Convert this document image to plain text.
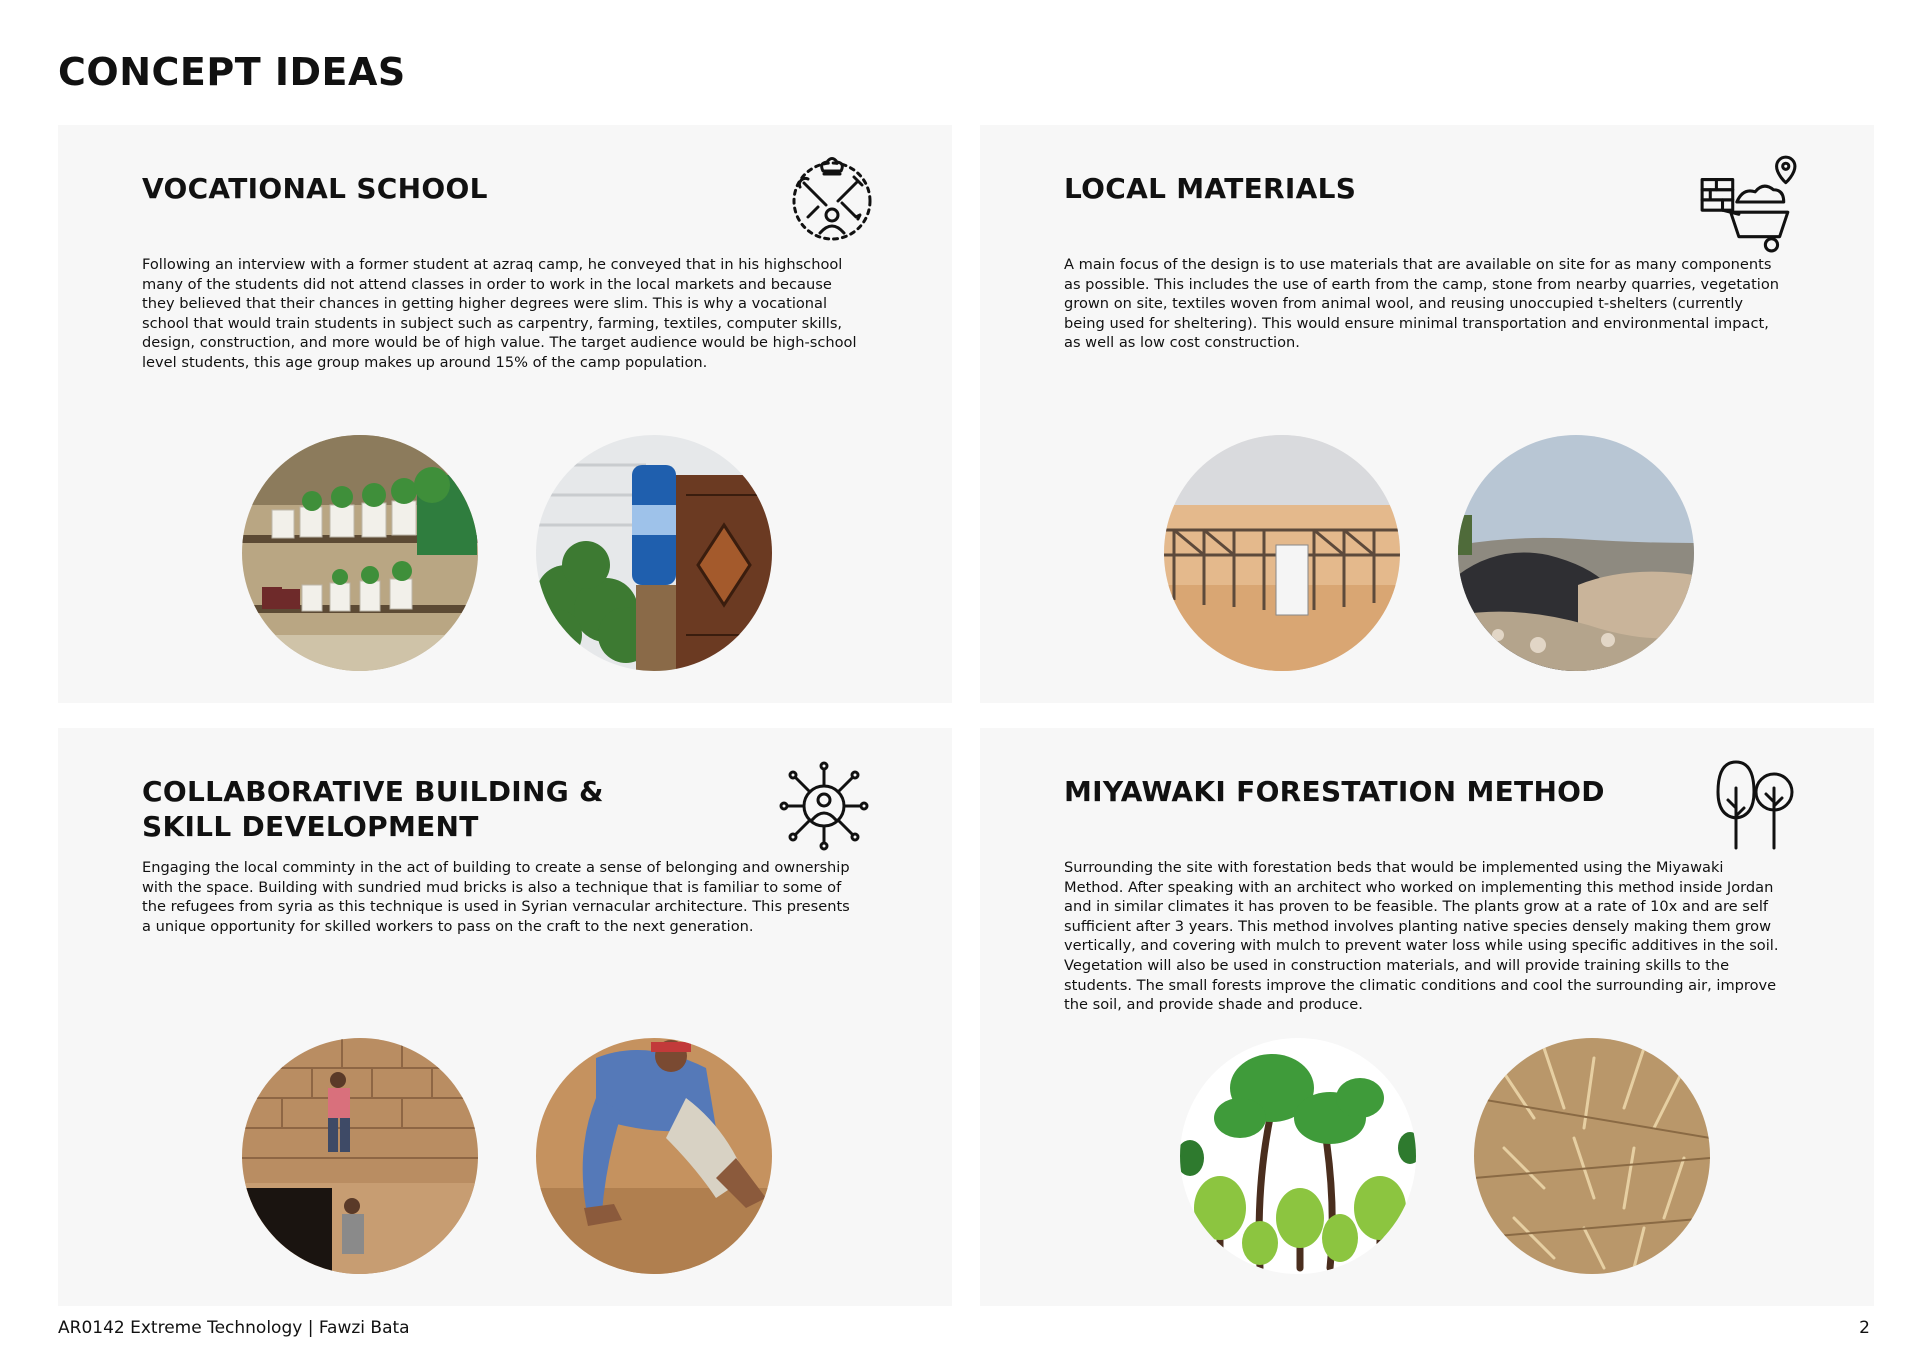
CONCEPT IDEAS
VOCATIONAL SCHOOL

Following an interview with a former student at azraq camp, he conveyed that in his highschool many of the students did not attend classes in order to work in the local markets and because they believed that their chances in getting higher degrees were slim. This is why a vocational school that would train students in subject such as carpentry, farming, textiles, computer skills, design, construction, and more would be of high value. The target audience would be high-school level students, this age group makes up around 15% of the camp population.

LOCAL MATERIALS

A main focus of the design is to use materials that are available on site for as many components as possible. This includes the use of earth from the camp, stone from nearby quarries, vegetation grown on site, textiles woven from animal wool, and reusing unoccupied t-shelters (currently being used for sheltering). This would ensure minimal transportation and environmental impact, as well as low cost construction.

COLLABORATIVE BUILDING & SKILL DEVELOPMENT

Engaging the local comminty in the act of building to create a sense of belonging and ownership with the space. Building with sundried mud bricks is also a technique that is familiar to some of the refugees from syria as this technique is used in Syrian vernacular architecture. This presents a unique opportunity for skilled workers to pass on the craft to the next generation.

MIYAWAKI FORESTATION METHOD

Surrounding the site with forestation beds that would be implemented using the Miyawaki Method. After speaking with an architect who worked on implementing this method inside Jordan and in similar climates it has proven to be feasible. The plants grow at a rate of 10x and are self sufficient after 3 years. This method involves planting native species densely making them grow vertically, and covering with mulch to prevent water loss while using specific additives in the soil. Vegetation will also be used in construction materials, and will provide training skills to the students. The small forests improve the climatic conditions and cool the surrounding air, improve the soil, and provide shade and produce.

AR0142 Extreme Technology | Fawzi Bata	2
